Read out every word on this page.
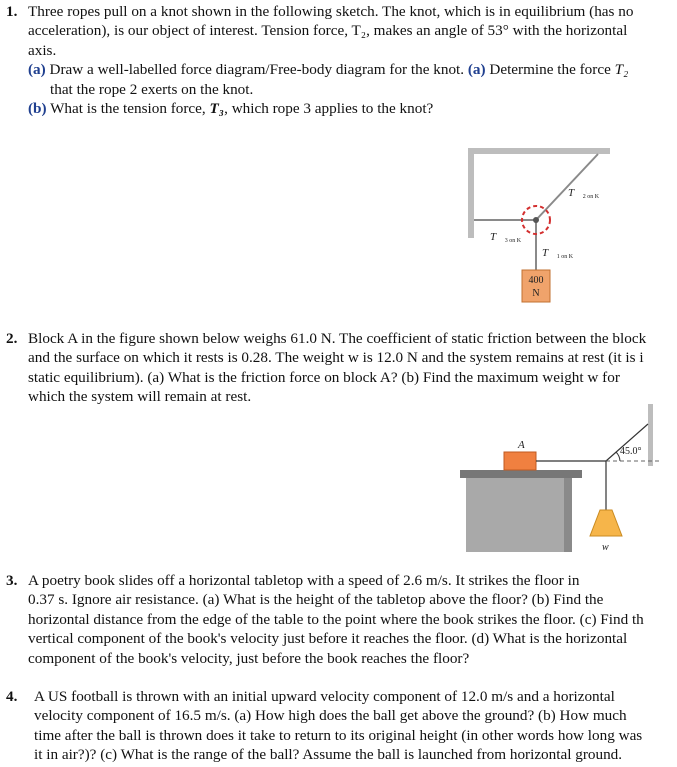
1. Three ropes pull on a knot shown in the following sketch. The knot, which is in equilibrium (has no
acceleration), is our object of interest. Tension force, T₂, makes an angle of 53° with the horizontal
axis.
(a) Draw a well-labelled force diagram/Free-body diagram for the knot. (a) Determine the force T₂
that the rope 2 exerts on the knot.
(b) What is the tension force, T₃, which rope 3 applies to the knot?
400
N
T⃗2 on K
T⃗3 on K
T⃗1 on K
2. Block A in the figure shown below weighs 61.0 N. The coefficient of static friction between the block
and the surface on which it rests is 0.28. The weight w is 12.0 N and the system remains at rest (it is i
static equilibrium). (a) What is the friction force on block A? (b) Find the maximum weight w for
which the system will remain at rest.
A
45.0°
w
3. A poetry book slides off a horizontal tabletop with a speed of 2.6 m/s. It strikes the floor in
0.37 s. Ignore air resistance. (a) What is the height of the tabletop above the floor? (b) Find the
horizontal distance from the edge of the table to the point where the book strikes the floor. (c) Find th
vertical component of the book's velocity just before it reaches the floor. (d) What is the horizontal
component of the book's velocity, just before the book reaches the floor?
4. A US football is thrown with an initial upward velocity component of 12.0 m/s and a horizontal
velocity component of 16.5 m/s. (a) How high does the ball get above the ground? (b) How much
time after the ball is thrown does it take to return to its original height (in other words how long was
it in air?)? (c) What is the range of the ball? Assume the ball is launched from horizontal ground.
